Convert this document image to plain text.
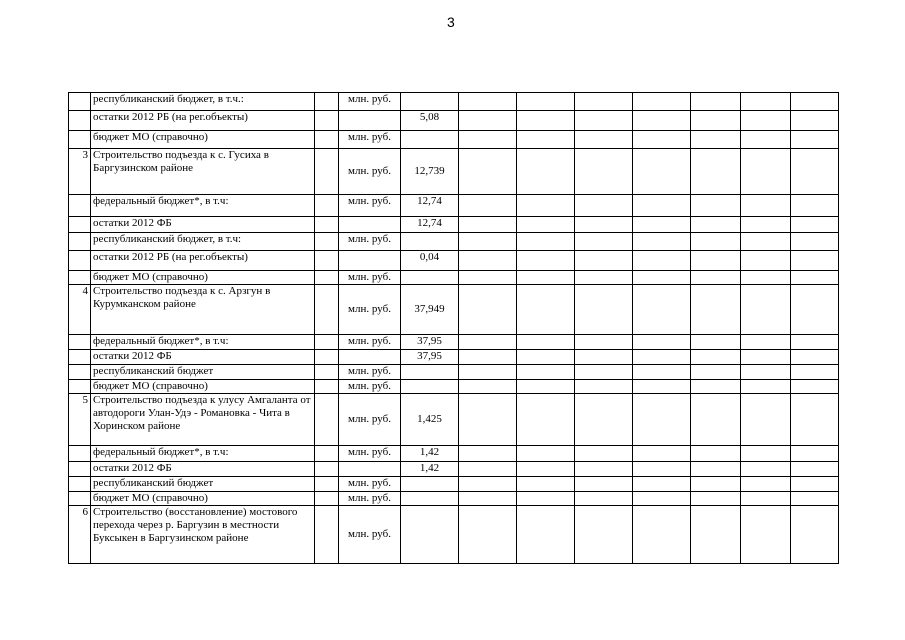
3
	республиканский бюджет, в т.ч.:		млн. руб.								
	остатки 2012 РБ (на рег.объекты)			5,08							
	бюджет МО (справочно)		млн. руб.								
3	Строительство подъезда к с. Гусиха в Баргузинском районе		млн. руб.	12,739							
	федеральный бюджет*, в т.ч:		млн. руб.	12,74							
	остатки 2012 ФБ			12,74							
	республиканский бюджет, в т.ч:		млн. руб.								
	остатки 2012 РБ (на рег.объекты)			0,04							
	бюджет МО (справочно)		млн. руб.								
4	Строительство подъезда к с. Арзгун в Курумканском районе		млн. руб.	37,949							
	федеральный бюджет*, в т.ч:		млн. руб.	37,95							
	остатки 2012 ФБ			37,95							
	республиканский бюджет		млн. руб.								
	бюджет МО (справочно)		млн. руб.								
5	Строительство подъезда к улусу Амгаланта от автодороги Улан-Удэ - Романовка - Чита в Хоринском районе		млн. руб.	1,425							
	федеральный бюджет*, в т.ч:		млн. руб.	1,42							
	остатки 2012 ФБ			1,42							
	республиканский бюджет		млн. руб.								
	бюджет МО (справочно)		млн. руб.								
6	Строительство (восстановление) мостового перехода через р. Баргузин в местности Буксыкен в Баргузинском районе		млн. руб.								
